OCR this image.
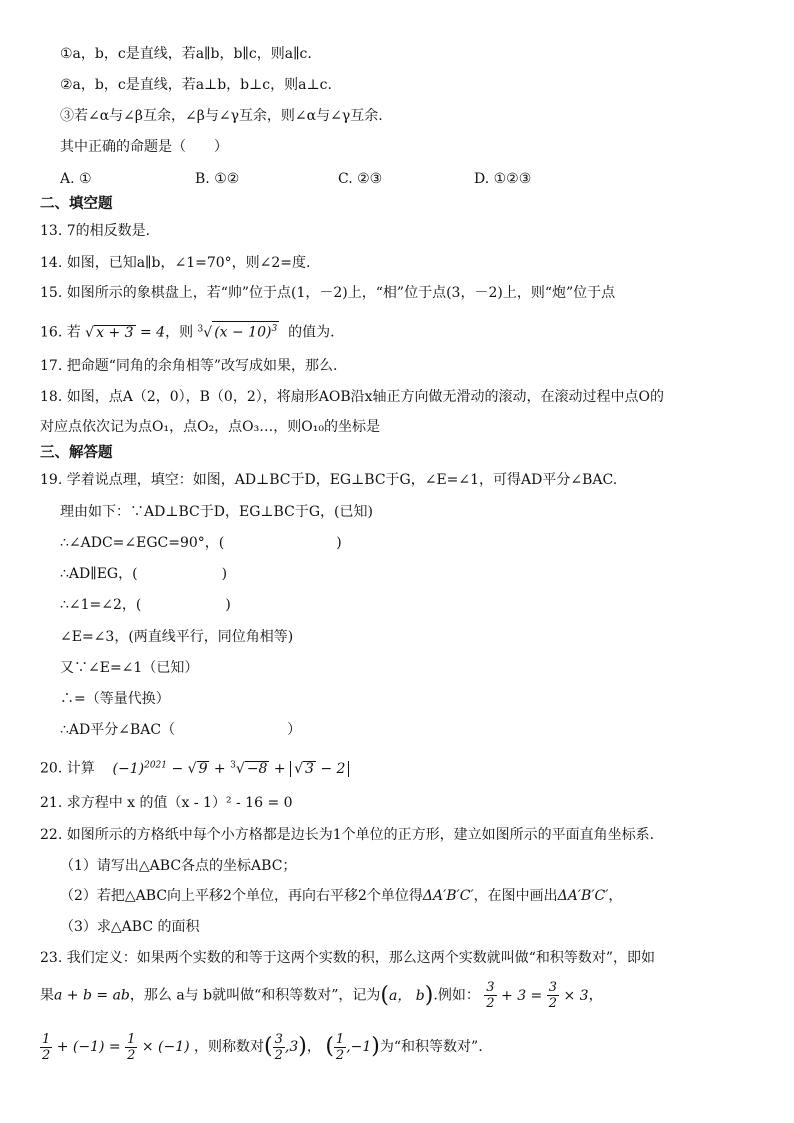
①a，b，c是直线，若a∥b，b∥c，则a∥c.
②a，b，c是直线，若a⊥b，b⊥c，则a⊥c.
③若∠α与∠β互余，∠β与∠γ互余，则∠α与∠γ互余.
其中正确的命题是（　　）
A. ①	B. ①②	C. ②③	D. ①②③
二、填空题
13. 7的相反数是.
14. 如图，已知a∥b，∠1=70°，则∠2=度.
15. 如图所示的象棋盘上，若“帅”位于点(1，－2)上，“相”位于点(3，－2)上，则“炮”位于点
16. 若 √ x + 3 = 4，则 $^3$√ $(x - 10)^3$ 的值为.
17. 把命题“同角的余角相等”改写成如果，那么.
18. 如图，点A（2，0），B（0，2），将扇形AOB沿x轴正方向做无滑动的滚动，在滚动过程中点O的
对应点依次记为点O₁，点O₂，点O₃…，则O₁₀的坐标是
三、解答题
19. 学着说点理，填空：如图，AD⊥BC于D，EG⊥BC于G，∠E=∠1，可得AD平分∠BAC.
理由如下：∵AD⊥BC于D，EG⊥BC于G，(已知)
∴∠ADC=∠EGC=90°，(　　　　　　　　)
∴AD∥EG，(　　　　　　)
∴∠1=∠2，(　　　　　　)
∠E=∠3，(两直线平行，同位角相等)
又∵∠E=∠1（已知）
∴=（等量代换）
∴AD平分∠BAC（　　　　　　　　）
20. 计算 $(-1)^{2021}$ − √ 9 + $^3$√ −8 + √ 3 − 2
21. 求方程中 x 的值（x - 1）² - 16 = 0
22. 如图所示的方格纸中每个小方格都是边长为1个单位的正方形，建立如图所示的平面直角坐标系.
（1）请写出△ABC各点的坐标ABC；
（2）若把△ABC向上平移2个单位，再向右平移2个单位得ΔA′B′C′，在图中画出ΔA′B′C′，
（3）求△ABC 的面积
23. 我们定义：如果两个实数的和等于这两个实数的积，那么这两个实数就叫做“和积等数对”，即如
果a + b = ab，那么 a与 b就叫做“和积等数对”，记为(a， b).例如： $\frac{3}{2} + 3 = \frac{3}{2} \times 3$，
$\frac{1}{2} + (-1) = \frac{1}{2} \times (-1)$ ，则称数对( $\frac{3}{2} ,3$)， ( $\frac{1}{2} ,-1$)为“和积等数对”.
